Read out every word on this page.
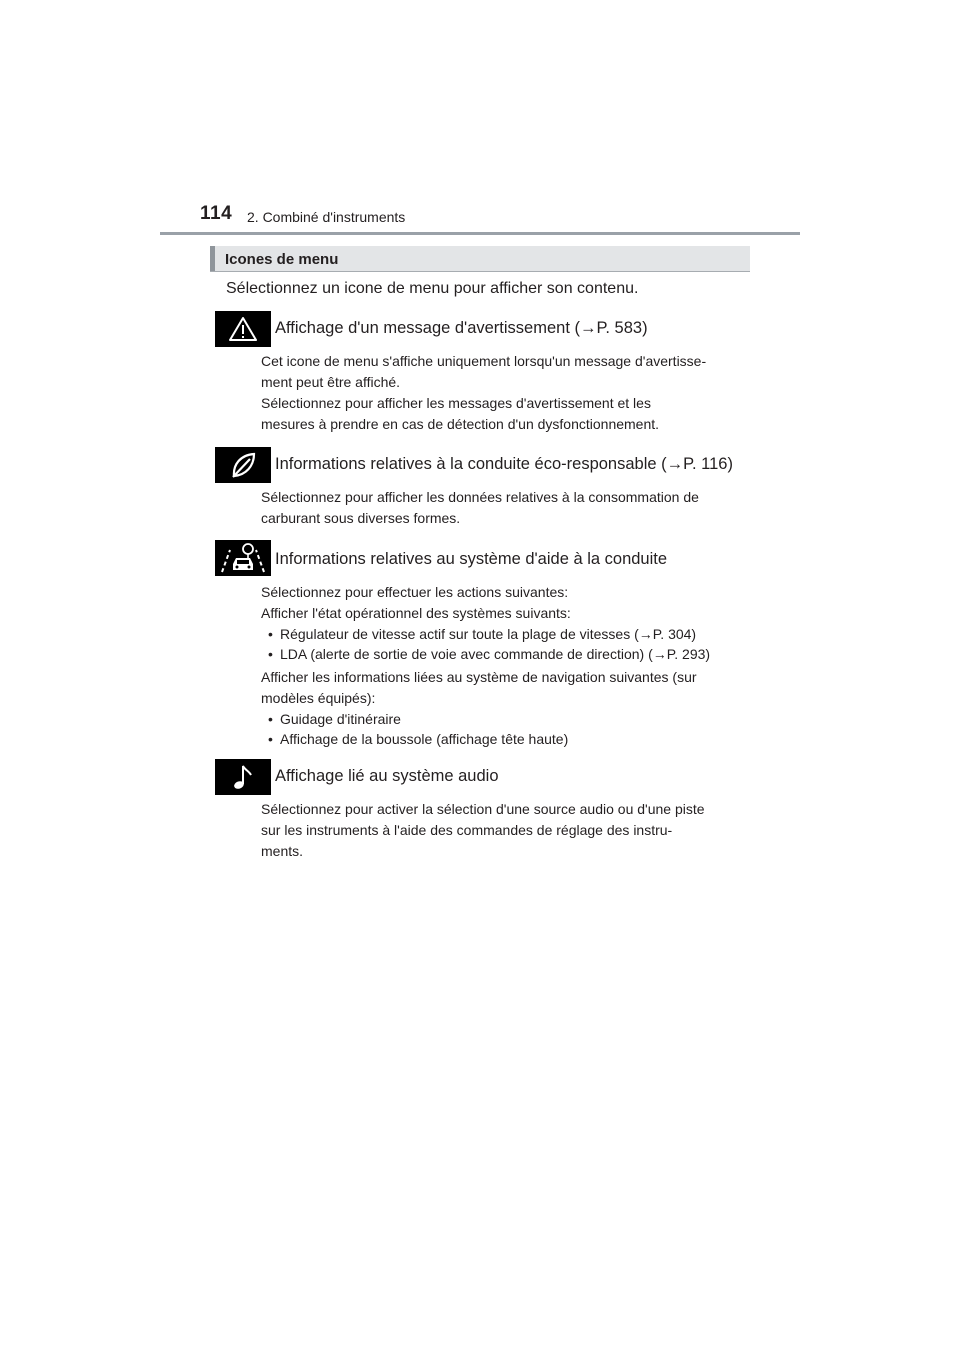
114 2. Combiné d'instruments
Icones de menu
Sélectionnez un icone de menu pour afficher son contenu.
Affichage d'un message d'avertissement (→P. 583)
Cet icone de menu s'affiche uniquement lorsqu'un message d'avertisse-
ment peut être affiché.
Sélectionnez pour afficher les messages d'avertissement et les
mesures à prendre en cas de détection d'un dysfonctionnement.
Informations relatives à la conduite éco-responsable (→P. 116)
Sélectionnez pour afficher les données relatives à la consommation de
carburant sous diverses formes.
Informations relatives au système d'aide à la conduite
Sélectionnez pour effectuer les actions suivantes:
Afficher l'état opérationnel des systèmes suivants:
• Régulateur de vitesse actif sur toute la plage de vitesses (→P. 304)
• LDA (alerte de sortie de voie avec commande de direction) (→P. 293)
Afficher les informations liées au système de navigation suivantes (sur
modèles équipés):
• Guidage d'itinéraire
• Affichage de la boussole (affichage tête haute)
Affichage lié au système audio
Sélectionnez pour activer la sélection d'une source audio ou d'une piste
sur les instruments à l'aide des commandes de réglage des instru-
ments.
